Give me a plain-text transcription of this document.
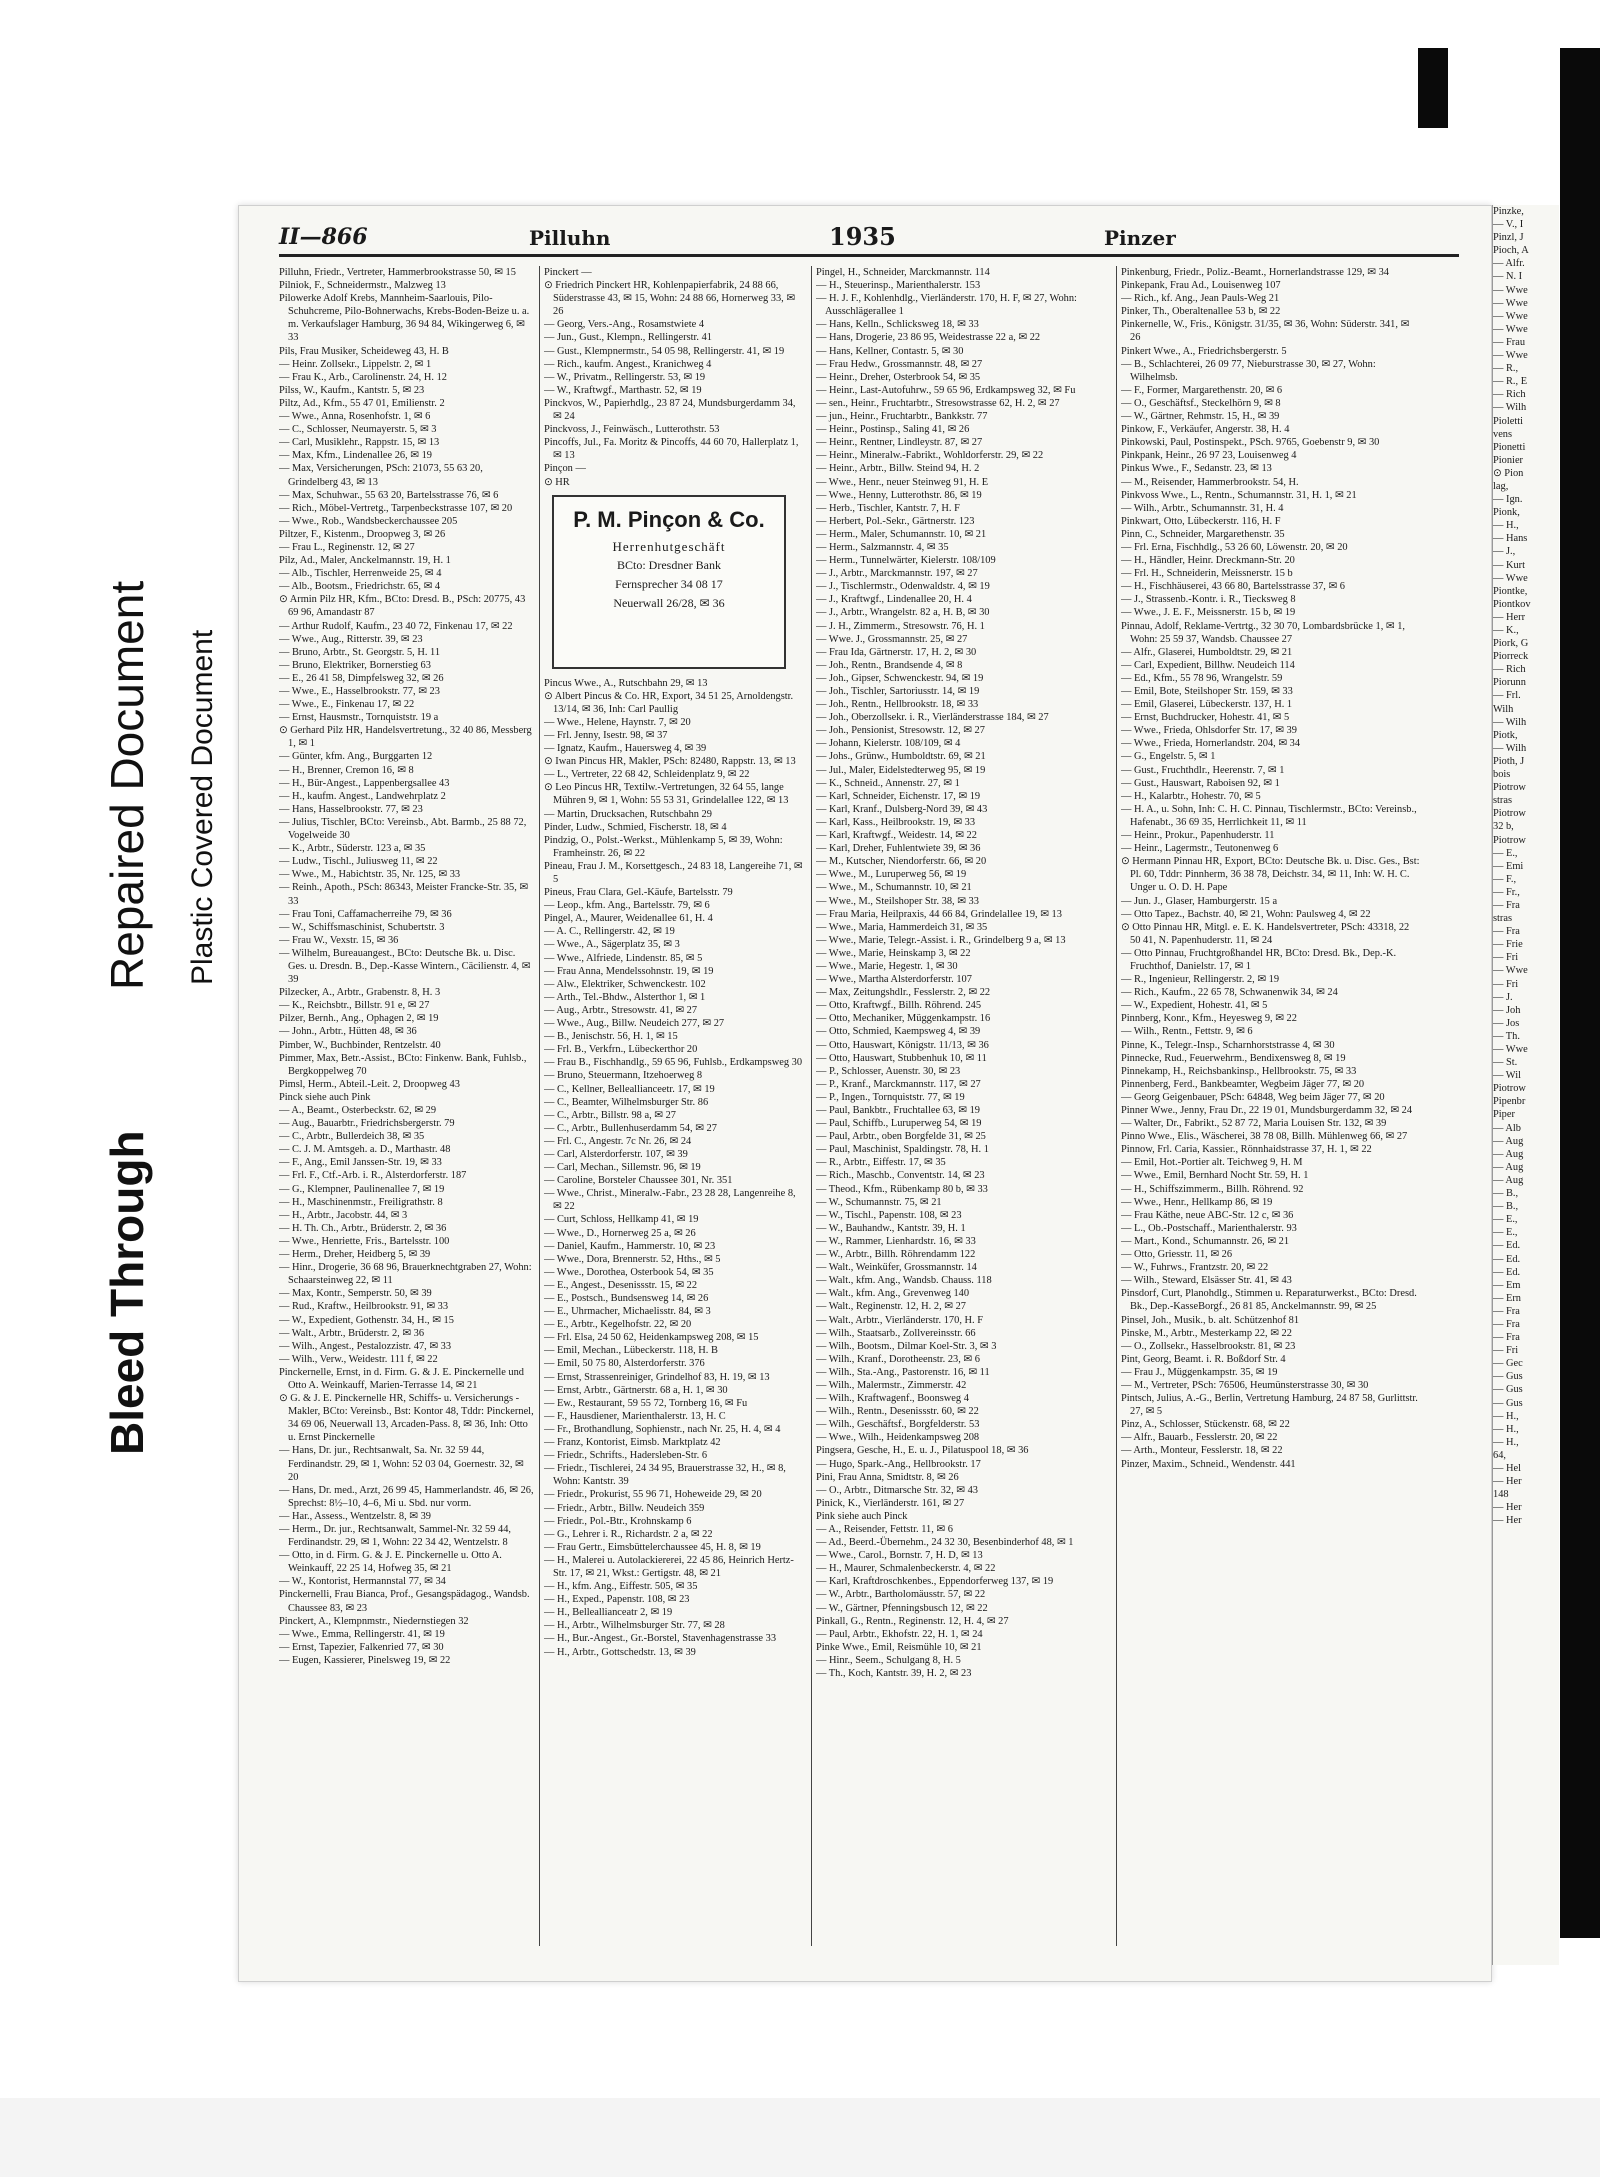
Bleed Through
Repaired Document Plastic Covered Document
II—866	Pilluhn	1935	Pinzer
Pilluhn, Friedr., Vertreter, Hammerbrookstrasse 50, ✉ 15
Pilniok, F., Schneidermstr., Malzweg 13
Pilowerke Adolf Krebs, Mannheim-Saarlouis, Pilo-Schuhcreme, Pilo-Bohnerwachs, Krebs-Boden-Beize u. a. m. Verkaufslager Hamburg, 36 94 84, Wikingerweg 6, ✉ 33
Pils, Frau Musiker, Scheideweg 43, H. B
— Heinr. Zollsekr., Lippelstr. 2, ✉ 1
— Frau K., Arb., Carolinenstr. 24, H. 12
Pilss, W., Kaufm., Kantstr. 5, ✉ 23
Piltz, Ad., Kfm., 55 47 01, Emilienstr. 2
— Wwe., Anna, Rosenhofstr. 1, ✉ 6
— C., Schlosser, Neumayerstr. 5, ✉ 3
— Carl, Musiklehr., Rappstr. 15, ✉ 13
— Max, Kfm., Lindenallee 26, ✉ 19
— Max, Versicherungen, PSch: 21073, 55 63 20, Grindelberg 43, ✉ 13
— Max, Schuhwar., 55 63 20, Bartelsstrasse 76, ✉ 6
— Rich., Möbel-Vertretg., Tarpenbeckstrasse 107, ✉ 20
— Wwe., Rob., Wandsbeckerchaussee 205
Piltzer, F., Kistenm., Droopweg 3, ✉ 26
— Frau L., Reginenstr. 12, ✉ 27
Pilz, Ad., Maler, Anckelmannstr. 19, H. 1
— Alb., Tischler, Herrenweide 25, ✉ 4
— Alb., Bootsm., Friedrichstr. 65, ✉ 4
⊙ Armin Pilz HR, Kfm., BCto: Dresd. B., PSch: 20775, 43 69 96, Amandastr 87
— Arthur Rudolf, Kaufm., 23 40 72, Finkenau 17, ✉ 22
— Wwe., Aug., Ritterstr. 39, ✉ 23
— Bruno, Arbtr., St. Georgstr. 5, H. 11
— Bruno, Elektriker, Bornerstieg 63
— E., 26 41 58, Dimpfelsweg 32, ✉ 26
— Wwe., E., Hasselbrookstr. 77, ✉ 23
— Wwe., E., Finkenau 17, ✉ 22
— Ernst, Hausmstr., Tornquiststr. 19 a
⊙ Gerhard Pilz HR, Handelsvertretung., 32 40 86, Messberg 1, ✉ 1
— Günter, kfm. Ang., Burggarten 12
— H., Brenner, Cremon 16, ✉ 8
— H., Bür-Angest., Lappenbergsallee 43
— H., kaufm. Angest., Landwehrplatz 2
— Hans, Hasselbrookstr. 77, ✉ 23
— Julius, Tischler, BCto: Vereinsb., Abt. Barmb., 25 88 72, Vogelweide 30
— K., Arbtr., Süderstr. 123 a, ✉ 35
— Ludw., Tischl., Juliusweg 11, ✉ 22
— Wwe., M., Habichtstr. 35, Nr. 125, ✉ 33
— Reinh., Apoth., PSch: 86343, Meister Francke-Str. 35, ✉ 33
— Frau Toni, Caffamacherreihe 79, ✉ 36
— W., Schiffsmaschinist, Schubertstr. 3
— Frau W., Vexstr. 15, ✉ 36
— Wilhelm, Bureauangest., BCto: Deutsche Bk. u. Disc. Ges. u. Dresdn. B., Dep.-Kasse Wintern., Cäcilienstr. 4, ✉ 39
Pilzecker, A., Arbtr., Grabenstr. 8, H. 3
— K., Reichsbtr., Billstr. 91 e, ✉ 27
Pilzer, Bernh., Ang., Ophagen 2, ✉ 19
— John., Arbtr., Hütten 48, ✉ 36
Pimber, W., Buchbinder, Rentzelstr. 40
Pimmer, Max, Betr.-Assist., BCto: Finkenw. Bank, Fuhlsb., Bergkoppelweg 70
Pimsl, Herm., Abteil.-Leit. 2, Droopweg 43
Pinck siehe auch Pink
— A., Beamt., Osterbeckstr. 62, ✉ 29
— Aug., Bauarbtr., Friedrichsbergerstr. 79
— C., Arbtr., Bullerdeich 38, ✉ 35
— C. J. M. Amtsgeh. a. D., Marthastr. 48
— F., Ang., Emil Janssen-Str. 19, ✉ 33
— Frl. F., Ctf.-Arb. i. R., Alsterdorferstr. 187
— G., Klempner, Paulinenallee 7, ✉ 19
— H., Maschinenmstr., Freiligrathstr. 8
— H., Arbtr., Jacobstr. 44, ✉ 3
— H. Th. Ch., Arbtr., Brüderstr. 2, ✉ 36
— Wwe., Henriette, Fris., Bartelsstr. 100
— Herm., Dreher, Heidberg 5, ✉ 39
— Hinr., Drogerie, 36 68 96, Brauerknechtgraben 27, Wohn: Schaarsteinweg 22, ✉ 11
— Max, Kontr., Semperstr. 50, ✉ 39
— Rud., Kraftw., Heilbrookstr. 91, ✉ 33
— W., Expedient, Gothenstr. 34, H., ✉ 15
— Walt., Arbtr., Brüderstr. 2, ✉ 36
— Wilh., Angest., Pestalozzistr. 47, ✉ 33
— Wilh., Verw., Weidestr. 111 f, ✉ 22
Pinckernelle, Ernst, in d. Firm. G. & J. E. Pinckernelle und Otto A. Weinkauff, Marien-Terrasse 14, ✉ 21
⊙ G. & J. E. Pinckernelle HR, Schiffs- u. Versicherungs - Makler, BCto: Vereinsb., Bst: Kontor 48, Tddr: Pinckernel, 34 69 06, Neuerwall 13, Arcaden-Pass. 8, ✉ 36, Inh: Otto u. Ernst Pinckernelle
— Hans, Dr. jur., Rechtsanwalt, Sa. Nr. 32 59 44, Ferdinandstr. 29, ✉ 1, Wohn: 52 03 04, Goernestr. 32, ✉ 20
— Hans, Dr. med., Arzt, 26 99 45, Hammerlandstr. 46, ✉ 26, Sprechst: 8½–10, 4–6, Mi u. Sbd. nur vorm.
— Har., Assess., Wentzelstr. 8, ✉ 39
— Herm., Dr. jur., Rechtsanwalt, Sammel-Nr. 32 59 44, Ferdinandstr. 29, ✉ 1, Wohn: 22 34 42, Wentzelstr. 8
— Otto, in d. Firm. G. & J. E. Pinckernelle u. Otto A. Weinkauff, 22 25 14, Hofweg 35, ✉ 21
— W., Kontorist, Hermannstal 77, ✉ 34
Pinckernelli, Frau Bianca, Prof., Gesangspädagog., Wandsb. Chaussee 83, ✉ 23
Pinckert, A., Klempnmstr., Niedernstiegen 32
— Wwe., Emma, Rellingerstr. 41, ✉ 19
— Ernst, Tapezier, Falkenried 77, ✉ 30
— Eugen, Kassierer, Pinelsweg 19, ✉ 22
Pinckert —
⊙ Friedrich Pinckert HR, Kohlenpapierfabrik, 24 88 66, Süderstrasse 43, ✉ 15, Wohn: 24 88 66, Hornerweg 33, ✉ 26
— Georg, Vers.-Ang., Rosamstwiete 4
— Jun., Gust., Klempn., Rellingerstr. 41
— Gust., Klempnermstr., 54 05 98, Rellingerstr. 41, ✉ 19
— Rich., kaufm. Angest., Kranichweg 4
— W., Privatm., Rellingerstr. 53, ✉ 19
— W., Kraftwgf., Marthastr. 52, ✉ 19
Pinckvos, W., Papierhdlg., 23 87 24, Mundsburgerdamm 34, ✉ 24
Pinckvoss, J., Feinwäsch., Lutterothstr. 53
Pincoffs, Jul., Fa. Moritz & Pincoffs, 44 60 70, Hallerplatz 1, ✉ 13
Pinçon —
⊙ HR
P. M. Pinçon & Co.
Herrenhutgeschäft
BCto: Dresdner Bank
Fernsprecher 34 08 17
Neuerwall 26/28, ✉ 36
Pincus Wwe., A., Rutschbahn 29, ✉ 13
⊙ Albert Pincus & Co. HR, Export, 34 51 25, Arnoldengstr. 13/14, ✉ 36, Inh: Carl Paullig
— Wwe., Helene, Haynstr. 7, ✉ 20
— Frl. Jenny, Isestr. 98, ✉ 37
— Ignatz, Kaufm., Hauersweg 4, ✉ 39
⊙ Iwan Pincus HR, Makler, PSch: 82480, Rappstr. 13, ✉ 13
— L., Vertreter, 22 68 42, Schleidenplatz 9, ✉ 22
⊙ Leo Pincus HR, Textilw.-Vertretungen, 32 64 55, lange Mühren 9, ✉ 1, Wohn: 55 53 31, Grindelallee 122, ✉ 13
— Martin, Drucksachen, Rutschbahn 29
Pinder, Ludw., Schmied, Fischerstr. 18, ✉ 4
Pindzig, O., Polst.-Werkst., Mühlenkamp 5, ✉ 39, Wohn: Framheinstr. 26, ✉ 22
Pineau, Frau J. M., Korsettgesch., 24 83 18, Langereihe 71, ✉ 5
Pineus, Frau Clara, Gel.-Käufe, Bartelsstr. 79
— Leop., kfm. Ang., Bartelsstr. 79, ✉ 6
Pingel, A., Maurer, Weidenallee 61, H. 4
— A. C., Rellingerstr. 42, ✉ 19
— Wwe., A., Sägerplatz 35, ✉ 3
— Wwe., Alfriede, Lindenstr. 85, ✉ 5
— Frau Anna, Mendelssohnstr. 19, ✉ 19
— Alw., Elektriker, Schwenckestr. 102
— Arth., Tel.-Bhdw., Alsterthor 1, ✉ 1
— Aug., Arbtr., Stresowstr. 41, ✉ 27
— Wwe., Aug., Billw. Neudeich 277, ✉ 27
— B., Jenischstr. 56, H. 1, ✉ 15
— Frl. B., Verkfrn., Lübeckerthor 20
— Frau B., Fischhandlg., 59 65 96, Fuhlsb., Erdkampsweg 30
— Bruno, Steuermann, Itzehoerweg 8
— C., Kellner, Belleallianceetr. 17, ✉ 19
— C., Beamter, Wilhelmsburger Str. 86
— C., Arbtr., Billstr. 98 a, ✉ 27
— C., Arbtr., Bullenhuserdamm 54, ✉ 27
— Frl. C., Angestr. 7c Nr. 26, ✉ 24
— Carl, Alsterdorferstr. 107, ✉ 39
— Carl, Mechan., Sillemstr. 96, ✉ 19
— Caroline, Borsteler Chaussee 301, Nr. 351
— Wwe., Christ., Mineralw.-Fabr., 23 28 28, Langenreihe 8, ✉ 22
— Curt, Schloss, Hellkamp 41, ✉ 19
— Wwe., D., Hornerweg 25 a, ✉ 26
— Daniel, Kaufm., Hammerstr. 10, ✉ 23
— Wwe., Dora, Brennerstr. 52, Hths., ✉ 5
— Wwe., Dorothea, Osterbook 54, ✉ 35
— E., Angest., Desenissstr. 15, ✉ 22
— E., Postsch., Bundsensweg 14, ✉ 26
— E., Uhrmacher, Michaelisstr. 84, ✉ 3
— E., Arbtr., Kegelhofstr. 22, ✉ 20
— Frl. Elsa, 24 50 62, Heidenkampsweg 208, ✉ 15
— Emil, Mechan., Lübeckerstr. 118, H. B
— Emil, 50 75 80, Alsterdorferstr. 376
— Ernst, Strassenreiniger, Grindelhof 83, H. 19, ✉ 13
— Ernst, Arbtr., Gärtnerstr. 68 a, H. 1, ✉ 30
— Ew., Restaurant, 59 55 72, Tornberg 16, ✉ Fu
— F., Hausdiener, Marienthalerstr. 13, H. C
— Fr., Brothandlung, Sophienstr., nach Nr. 25, H. 4, ✉ 4
— Franz, Kontorist, Eimsb. Marktplatz 42
— Friedr., Schrifts., Hadersleben-Str. 6
— Friedr., Tischlerei, 24 34 95, Brauerstrasse 32, H., ✉ 8, Wohn: Kantstr. 39
— Friedr., Prokurist, 55 96 71, Hoheweide 29, ✉ 20
— Friedr., Arbtr., Billw. Neudeich 359
— Friedr., Pol.-Btr., Krohnskamp 6
— G., Lehrer i. R., Richardstr. 2 a, ✉ 22
— Frau Gertr., Eimsbüttelerchaussee 45, H. 8, ✉ 19
— H., Malerei u. Autolackiererei, 22 45 86, Heinrich Hertz-Str. 17, ✉ 21, Wkst.: Gertigstr. 48, ✉ 21
— H., kfm. Ang., Eiffestr. 505, ✉ 35
— H., Exped., Papenstr. 108, ✉ 23
— H., Belleallianceatr 2, ✉ 19
— H., Arbtr., Wilhelmsburger Str. 77, ✉ 28
— H., Bur.-Angest., Gr.-Borstel, Stavenhagenstrasse 33
— H., Arbtr., Gottschedstr. 13, ✉ 39
Pingel, H., Schneider, Marckmannstr. 114
— H., Steuerinsp., Marienthalerstr. 153
— H. J. F., Kohlenhdlg., Vierländerstr. 170, H. F, ✉ 27, Wohn: Ausschlägerallee 1
— Hans, Kelln., Schlicksweg 18, ✉ 33
— Hans, Drogerie, 23 86 95, Weidestrasse 22 a, ✉ 22
— Hans, Kellner, Contastr. 5, ✉ 30
— Frau Hedw., Grossmannstr. 48, ✉ 27
— Heinr., Dreher, Osterbrook 54, ✉ 35
— Heinr., Last-Autofuhrw., 59 65 96, Erdkampsweg 32, ✉ Fu
— sen., Heinr., Fruchtarbtr., Stresowstrasse 62, H. 2, ✉ 27
— jun., Heinr., Fruchtarbtr., Bankkstr. 77
— Heinr., Postinsp., Saling 41, ✉ 26
— Heinr., Rentner, Lindleystr. 87, ✉ 27
— Heinr., Mineralw.-Fabrikt., Wohldorferstr. 29, ✉ 22
— Heinr., Arbtr., Billw. Steind 94, H. 2
— Wwe., Henr., neuer Steinweg 91, H. E
— Wwe., Henny, Lutterothstr. 86, ✉ 19
— Herb., Tischler, Kantstr. 7, H. F
— Herbert, Pol.-Sekr., Gärtnerstr. 123
— Herm., Maler, Schumannstr. 10, ✉ 21
— Herm., Salzmannstr. 4, ✉ 35
— Herm., Tunnelwärter, Kielerstr. 108/109
— J., Arbtr., Marckmannstr. 197, ✉ 27
— J., Tischlermstr., Odenwaldstr. 4, ✉ 19
— J., Kraftwgf., Lindenallee 20, H. 4
— J., Arbtr., Wrangelstr. 82 a, H. B, ✉ 30
— J. H., Zimmerm., Stresowstr. 76, H. 1
— Wwe. J., Grossmannstr. 25, ✉ 27
— Frau Ida, Gärtnerstr. 17, H. 2, ✉ 30
— Joh., Rentn., Brandsende 4, ✉ 8
— Joh., Gipser, Schwenckestr. 94, ✉ 19
— Joh., Tischler, Sartoriusstr. 14, ✉ 19
— Joh., Rentn., Hellbrookstr. 18, ✉ 33
— Joh., Oberzollsekr. i. R., Vierländerstrasse 184, ✉ 27
— Joh., Pensionist, Stresowstr. 12, ✉ 27
— Johann, Kielerstr. 108/109, ✉ 4
— Johs., Grünw., Humboldtstr. 69, ✉ 21
— Jul., Maler, Eidelstedterweg 95, ✉ 19
— K., Schneid., Annenstr. 27, ✉ 1
— Karl, Schneider, Eichenstr. 17, ✉ 19
— Karl, Kranf., Dulsberg-Nord 39, ✉ 43
— Karl, Kass., Heilbrookstr. 19, ✉ 33
— Karl, Kraftwgf., Weidestr. 14, ✉ 22
— Karl, Dreher, Fuhlentwiete 39, ✉ 36
— M., Kutscher, Niendorferstr. 66, ✉ 20
— Wwe., M., Luruperweg 56, ✉ 19
— Wwe., M., Schumannstr. 10, ✉ 21
— Wwe., M., Steilshoper Str. 38, ✉ 33
— Frau Maria, Heilpraxis, 44 66 84, Grindelallee 19, ✉ 13
— Wwe., Maria, Hammerdeich 31, ✉ 35
— Wwe., Marie, Telegr.-Assist. i. R., Grindelberg 9 a, ✉ 13
— Wwe., Marie, Heinskamp 3, ✉ 22
— Wwe., Marie, Hegestr. 1, ✉ 30
— Wwe., Martha Alsterdorferstr. 107
— Max, Zeitungshdlr., Fesslerstr. 2, ✉ 22
— Otto, Kraftwgf., Billh. Röhrend. 245
— Otto, Mechaniker, Müggenkampstr. 16
— Otto, Schmied, Kaempsweg 4, ✉ 39
— Otto, Hauswart, Königstr. 11/13, ✉ 36
— Otto, Hauswart, Stubbenhuk 10, ✉ 11
— P., Schlosser, Auenstr. 30, ✉ 23
— P., Kranf., Marckmannstr. 117, ✉ 27
— P., Ingen., Tornquiststr. 77, ✉ 19
— Paul, Bankbtr., Fruchtallee 63, ✉ 19
— Paul, Schiffb., Luruperweg 54, ✉ 19
— Paul, Arbtr., oben Borgfelde 31, ✉ 25
— Paul, Maschinist, Spaldingstr. 78, H. 1
— R., Arbtr., Eiffestr. 17, ✉ 35
— Rich., Maschb., Conventstr. 14, ✉ 23
— Theod., Kfm., Rübenkamp 80 b, ✉ 33
— W., Schumannstr. 75, ✉ 21
— W., Tischl., Papenstr. 108, ✉ 23
— W., Bauhandw., Kantstr. 39, H. 1
— W., Rammer, Lienhardstr. 16, ✉ 33
— W., Arbtr., Billh. Röhrendamm 122
— Walt., Weinküfer, Grossmannstr. 14
— Walt., kfm. Ang., Wandsb. Chauss. 118
— Walt., kfm. Ang., Grevenweg 140
— Walt., Reginenstr. 12, H. 2, ✉ 27
— Walt., Arbtr., Vierländerstr. 170, H. F
— Wilh., Staatsarb., Zollvereinsstr. 66
— Wilh., Bootsm., Dilmar Koel-Str. 3, ✉ 3
— Wilh., Kranf., Dorotheenstr. 23, ✉ 6
— Wilh., Sta.-Ang., Pastorenstr. 16, ✉ 11
— Wilh., Malermstr., Zimmerstr. 42
— Wilh., Kraftwagenf., Boonsweg 4
— Wilh., Rentn., Desenissstr. 60, ✉ 22
— Wilh., Geschäftsf., Borgfelderstr. 53
— Wwe., Wilh., Heidenkampsweg 208
Pingsera, Gesche, H., E. u. J., Pilatuspool 18, ✉ 36
— Hugo, Spark.-Ang., Hellbrookstr. 17
Pini, Frau Anna, Smidtstr. 8, ✉ 26
— O., Arbtr., Ditmarsche Str. 32, ✉ 43
Pinick, K., Vierländerstr. 161, ✉ 27
Pink siehe auch Pinck
— A., Reisender, Fettstr. 11, ✉ 6
— Ad., Beerd.-Übernehm., 24 32 30, Besenbinderhof 48, ✉ 1
— Wwe., Carol., Bornstr. 7, H. D, ✉ 13
— H., Maurer, Schmalenbeckerstr. 4, ✉ 22
— Karl, Kraftdroschkenbes., Eppendorferweg 137, ✉ 19
— W., Arbtr., Bartholomäusstr. 57, ✉ 22
— W., Gärtner, Pfenningsbusch 12, ✉ 22
Pinkall, G., Rentn., Reginenstr. 12, H. 4, ✉ 27
— Paul, Arbtr., Ekhofstr. 22, H. 1, ✉ 24
Pinke Wwe., Emil, Reismühle 10, ✉ 21
— Hinr., Seem., Schulgang 8, H. 5
— Th., Koch, Kantstr. 39, H. 2, ✉ 23
Pinkenburg, Friedr., Poliz.-Beamt., Hornerlandstrasse 129, ✉ 34
Pinkepank, Frau Ad., Louisenweg 107
— Rich., kf. Ang., Jean Pauls-Weg 21
Pinker, Th., Oberaltenallee 53 b, ✉ 22
Pinkernelle, W., Fris., Königstr. 31/35, ✉ 36, Wohn: Süderstr. 341, ✉ 26
Pinkert Wwe., A., Friedrichsbergerstr. 5
— B., Schlachterei, 26 09 77, Nieburstrasse 30, ✉ 27, Wohn: Wilhelmsb.
— F., Former, Margarethenstr. 20, ✉ 6
— O., Geschäftsf., Steckelhörn 9, ✉ 8
— W., Gärtner, Rehmstr. 15, H., ✉ 39
Pinkow, F., Verkäufer, Angerstr. 38, H. 4
Pinkowski, Paul, Postinspekt., PSch. 9765, Goebenstr 9, ✉ 30
Pinkpank, Heinr., 26 97 23, Louisenweg 4
Pinkus Wwe., F., Sedanstr. 23, ✉ 13
— M., Reisender, Hammerbrookstr. 54, H.
Pinkvoss Wwe., L., Rentn., Schumannstr. 31, H. 1, ✉ 21
— Wilh., Arbtr., Schumannstr. 31, H. 4
Pinkwart, Otto, Lübeckerstr. 116, H. F
Pinn, C., Schneider, Margarethenstr. 35
— Frl. Erna, Fischhdlg., 53 26 60, Löwenstr. 20, ✉ 20
— H., Händler, Heinr. Dreckmann-Str. 20
— Frl. H., Schneiderin, Meissnerstr. 15 b
— H., Fischhäuserei, 43 66 80, Bartelsstrasse 37, ✉ 6
— J., Strassenb.-Kontr. i. R., Tiecksweg 8
— Wwe., J. E. F., Meissnerstr. 15 b, ✉ 19
Pinnau, Adolf, Reklame-Vertrtg., 32 30 70, Lombardsbrücke 1, ✉ 1, Wohn: 25 59 37, Wandsb. Chaussee 27
— Alfr., Glaserei, Humboldtstr. 29, ✉ 21
— Carl, Expedient, Billhw. Neudeich 114
— Ed., Kfm., 55 78 96, Wrangelstr. 59
— Emil, Bote, Steilshoper Str. 159, ✉ 33
— Emil, Glaserei, Lübeckerstr. 137, H. 1
— Ernst, Buchdrucker, Hohestr. 41, ✉ 5
— Wwe., Frieda, Ohlsdorfer Str. 17, ✉ 39
— Wwe., Frieda, Hornerlandstr. 204, ✉ 34
— G., Engelstr. 5, ✉ 1
— Gust., Fruchthdlr., Heerenstr. 7, ✉ 1
— Gust., Hauswart, Raboisen 92, ✉ 1
— H., Kalarbtr., Hohestr. 70, ✉ 5
— H. A., u. Sohn, Inh: C. H. C. Pinnau, Tischlermstr., BCto: Vereinsb., Hafenabt., 36 69 35, Herrlichkeit 11, ✉ 11
— Heinr., Prokur., Papenhuderstr. 11
— Heinr., Lagermstr., Teutonenweg 6
⊙ Hermann Pinnau HR, Export, BCto: Deutsche Bk. u. Disc. Ges., Bst: Pl. 60, Tddr: Pinnherm, 36 38 78, Deichstr. 34, ✉ 11, Inh: W. H. C. Unger u. O. D. H. Pape
— Jun. J., Glaser, Hamburgerstr. 15 a
— Otto Tapez., Bachstr. 40, ✉ 21, Wohn: Paulsweg 4, ✉ 22
⊙ Otto Pinnau HR, Mitgl. e. E. K. Handelsvertreter, PSch: 43318, 22 50 41, N. Papenhuderstr. 11, ✉ 24
— Otto Pinnau, Fruchtgroßhandel HR, BCto: Dresd. Bk., Dep.-K. Fruchthof, Danielstr. 17, ✉ 1
— R., Ingenieur, Rellingerstr. 2, ✉ 19
— Rich., Kaufm., 22 65 78, Schwanenwik 34, ✉ 24
— W., Expedient, Hohestr. 41, ✉ 5
Pinnberg, Konr., Kfm., Heyesweg 9, ✉ 22
— Wilh., Rentn., Fettstr. 9, ✉ 6
Pinne, K., Telegr.-Insp., Scharnhorststrasse 4, ✉ 30
Pinnecke, Rud., Feuerwehrm., Bendixensweg 8, ✉ 19
Pinnekamp, H., Reichsbankinsp., Hellbrookstr. 75, ✉ 33
Pinnenberg, Ferd., Bankbeamter, Wegbeim Jäger 77, ✉ 20
— Georg Geigenbauer, PSch: 64848, Weg beim Jäger 77, ✉ 20
Pinner Wwe., Jenny, Frau Dr., 22 19 01, Mundsburgerdamm 32, ✉ 24
— Walter, Dr., Fabrikt., 52 87 72, Maria Louisen Str. 132, ✉ 39
Pinno Wwe., Elis., Wäscherei, 38 78 08, Billh. Mühlenweg 66, ✉ 27
Pinnow, Frl. Caria, Kassier., Rönnhaidstrasse 37, H. 1, ✉ 22
— Emil, Hot.-Portier alt. Teichweg 9, H. M
— Wwe., Emil, Bernhard Nocht Str. 59, H. 1
— H., Schiffszimmerm., Billh. Röhrend. 92
— Wwe., Henr., Hellkamp 86, ✉ 19
— Frau Käthe, neue ABC-Str. 12 c, ✉ 36
— L., Ob.-Postschaff., Marienthalerstr. 93
— Mart., Kond., Schumannstr. 26, ✉ 21
— Otto, Griesstr. 11, ✉ 26
— W., Fuhrws., Frantzstr. 20, ✉ 22
— Wilh., Steward, Elsässer Str. 41, ✉ 43
Pinsdorf, Curt, Planohdlg., Stimmen u. Reparaturwerkst., BCto: Dresd. Bk., Dep.-KasseBorgf., 26 81 85, Anckelmannstr. 99, ✉ 25
Pinsel, Joh., Musik., b. alt. Schützenhof 81
Pinske, M., Arbtr., Mesterkamp 22, ✉ 22
— O., Zollsekr., Hasselbrookstr. 81, ✉ 23
Pint, Georg, Beamt. i. R. Boßdorf Str. 4
— Frau J., Müggenkampstr. 35, ✉ 19
— M., Vertreter, PSch: 76506, Heumünsterstrasse 30, ✉ 30
Pintsch, Julius, A.-G., Berlin, Vertretung Hamburg, 24 87 58, Gurlittstr. 27, ✉ 5
Pinz, A., Schlosser, Stückenstr. 68, ✉ 22
— Alfr., Bauarb., Fesslerstr. 20, ✉ 22
— Arth., Monteur, Fesslerstr. 18, ✉ 22
Pinzer, Maxim., Schneid., Wendenstr. 441
Pinzke,
— V., I
Pinzl, J
Pioch, A
— Alfr.
— N. I
— Wwe
— Wwe
— Wwe
— Wwe
— Frau
— Wwe
— R.,
— R., E
— Rich
— Wilh
Pioletti
vens
Pionetti
Pionier
⊙ Pion
lag,
— Ign.
Pionk,
— H.,
— Hans
— J.,
— Kurt
— Wwe
Piontke,
Piontkov
— Herr
— K.,
Piork, G
Piorreck
— Rich
Piorunn
— Frl.
Wilh
— Wilh
Piotk,
— Wilh
Pioth, J
bois
Piotrow
stras
Piotrow
32 b,
Piotrow
— E.,
— Emi
— F.,
— Fr.,
— Fra
stras
— Fra
— Frie
— Fri
— Wwe
— Fri
— J.
— Joh
— Jos
— Th.
— Wwe
— St.
— Wil
Piotrow
Pipenbr
Piper
— Alb
— Aug
— Aug
— Aug
— Aug
— B.,
— B.,
— E.,
— E.,
— Ed.
— Ed.
— Ed.
— Em
— Ern
— Fra
— Fra
— Fra
— Fri
— Gec
— Gus
— Gus
— Gus
— H.,
— H.,
— H.,
64,
— Hel
— Her
148
— Her
— Her
